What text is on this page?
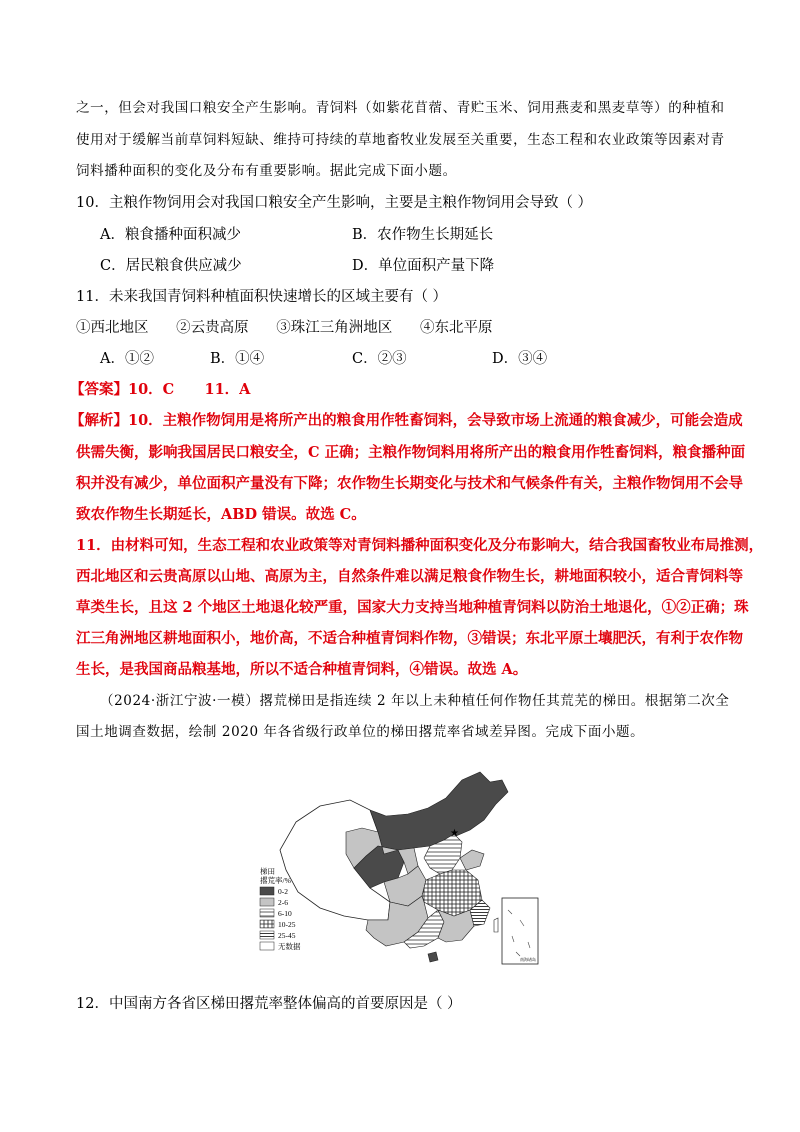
之一，但会对我国口粮安全产生影响。青饲料（如紫花苜蓿、青贮玉米、饲用燕麦和黑麦草等）的种植和
使用对于缓解当前草饲料短缺、维持可持续的草地畜牧业发展至关重要，生态工程和农业政策等因素对青
饲料播种面积的变化及分布有重要影响。据此完成下面小题。
10．主粮作物饲用会对我国口粮安全产生影响，主要是主粮作物饲用会导致（ ）
A．粮食播种面积减少	B．农作物生长期延长
C．居民粮食供应减少	D．单位面积产量下降
11．未来我国青饲料种植面积快速增长的区域主要有（ ）
①西北地区      ②云贵高原      ③珠江三角洲地区      ④东北平原
A．①②	B．①④	C．②③	D．③④
【答案】10．C      11．A
【解析】10．主粮作物饲用是将所产出的粮食用作牲畜饲料，会导致市场上流通的粮食减少，可能会造成
供需失衡，影响我国居民口粮安全，C 正确；主粮作物饲料用将所产出的粮食用作牲畜饲料，粮食播种面
积并没有减少，单位面积产量没有下降；农作物生长期变化与技术和气候条件有关，主粮作物饲用不会导
致农作物生长期延长，ABD 错误。故选 C。
11．由材料可知，生态工程和农业政策等对青饲料播种面积变化及分布影响大，结合我国畜牧业布局推测，
西北地区和云贵高原以山地、高原为主，自然条件难以满足粮食作物生长，耕地面积较小，适合青饲料等
草类生长，且这 2 个地区土地退化较严重，国家大力支持当地种植青饲料以防治土地退化，①②正确；珠
江三角洲地区耕地面积小，地价高，不适合种植青饲料作物，③错误；东北平原土壤肥沃，有利于农作物
生长，是我国商品粮基地，所以不适合种植青饲料，④错误。故选 A。
（2024·浙江宁波·一模）撂荒梯田是指连续 2 年以上未种植任何作物任其荒芜的梯田。根据第二次全
国土地调查数据，绘制 2020 年各省级行政单位的梯田撂荒率省域差异图。完成下面小题。
★
南海诸岛
梯田
撂荒率/%
0-2
2-6
6-10
10-25
25-45
无数据
12．中国南方各省区梯田撂荒率整体偏高的首要原因是（ ）
